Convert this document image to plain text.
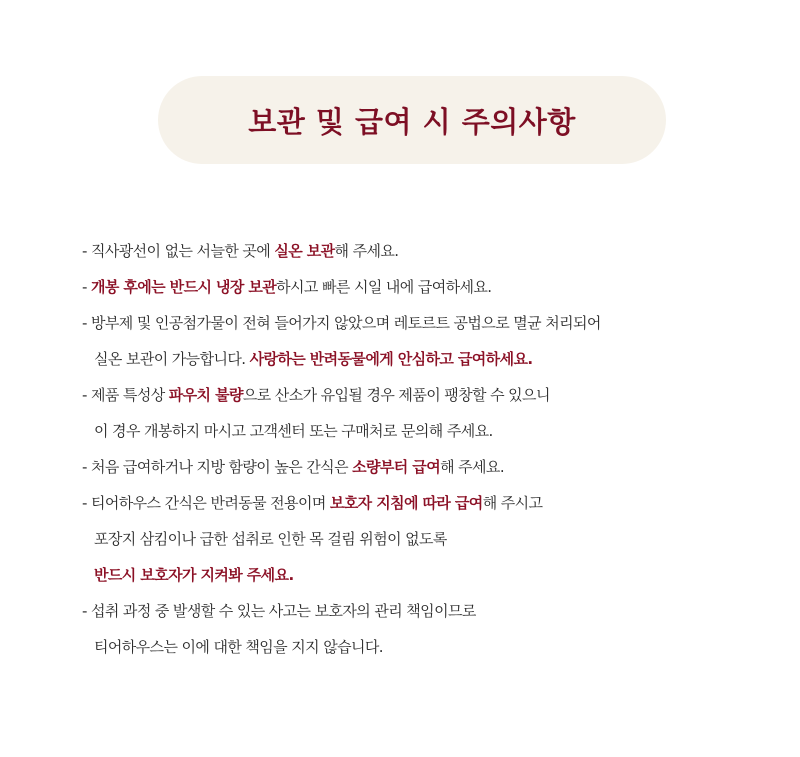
보관 및 급여 시 주의사항
- 직사광선이 없는 서늘한 곳에 실온 보관해 주세요.
- 개봉 후에는 반드시 냉장 보관하시고 빠른 시일 내에 급여하세요.
- 방부제 및 인공첨가물이 전혀 들어가지 않았으며 레토르트 공법으로 멸균 처리되어
실온 보관이 가능합니다. 사랑하는 반려동물에게 안심하고 급여하세요.
- 제품 특성상 파우치 불량으로 산소가 유입될 경우 제품이 팽창할 수 있으니
이 경우 개봉하지 마시고 고객센터 또는 구매처로 문의해 주세요.
- 처음 급여하거나 지방 함량이 높은 간식은 소량부터 급여해 주세요.
- 티어하우스 간식은 반려동물 전용이며 보호자 지침에 따라 급여해 주시고
포장지 삼킴이나 급한 섭취로 인한 목 걸림 위험이 없도록
반드시 보호자가 지켜봐 주세요.
- 섭취 과정 중 발생할 수 있는 사고는 보호자의 관리 책임이므로
티어하우스는 이에 대한 책임을 지지 않습니다.
